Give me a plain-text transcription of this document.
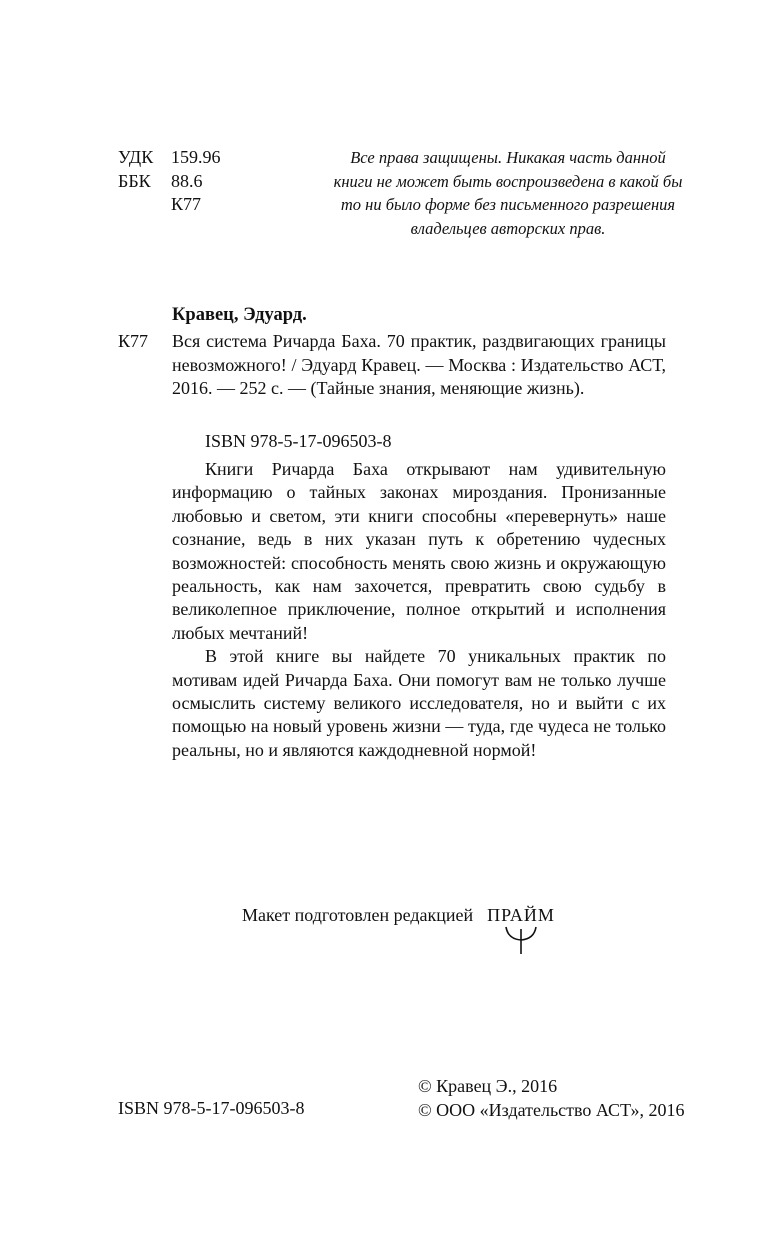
УДК 159.96
ББК	88.6
К77
Все права защищены. Никакая часть данной книги не может быть воспроизведена в какой бы то ни было форме без письменного разрешения владельцев авторских прав.
Кравец, Эдуард.
К77 Вся система Ричарда Баха. 70 практик, раздвигающих границы невозможного! / Эдуард Кравец. — Москва : Издательство АСТ, 2016. — 252 с. — (Тайные знания, меняющие жизнь).
ISBN 978-5-17-096503-8

Книги Ричарда Баха открывают нам удивительную информацию о тайных законах мироздания. Пронизанные любовью и светом, эти книги способны «перевернуть» наше сознание, ведь в них указан путь к обретению чудесных возможностей: способность менять свою жизнь и окружающую реальность, как нам захочется, превратить свою судьбу в великолепное приключение, полное открытий и исполнения любых мечтаний!

В этой книге вы найдете 70 уникальных практик по мотивам идей Ричарда Баха. Они помогут вам не только лучше осмыслить систему великого исследователя, но и выйти с их помощью на новый уровень жизни — туда, где чудеса не только реальны, но и являются каждодневной нормой!

Макет подготовлен редакцией ПРАЙМ
ISBN 978-5-17-096503-8
© Кравец Э., 2016
© ООО «Издательство АСТ», 2016
